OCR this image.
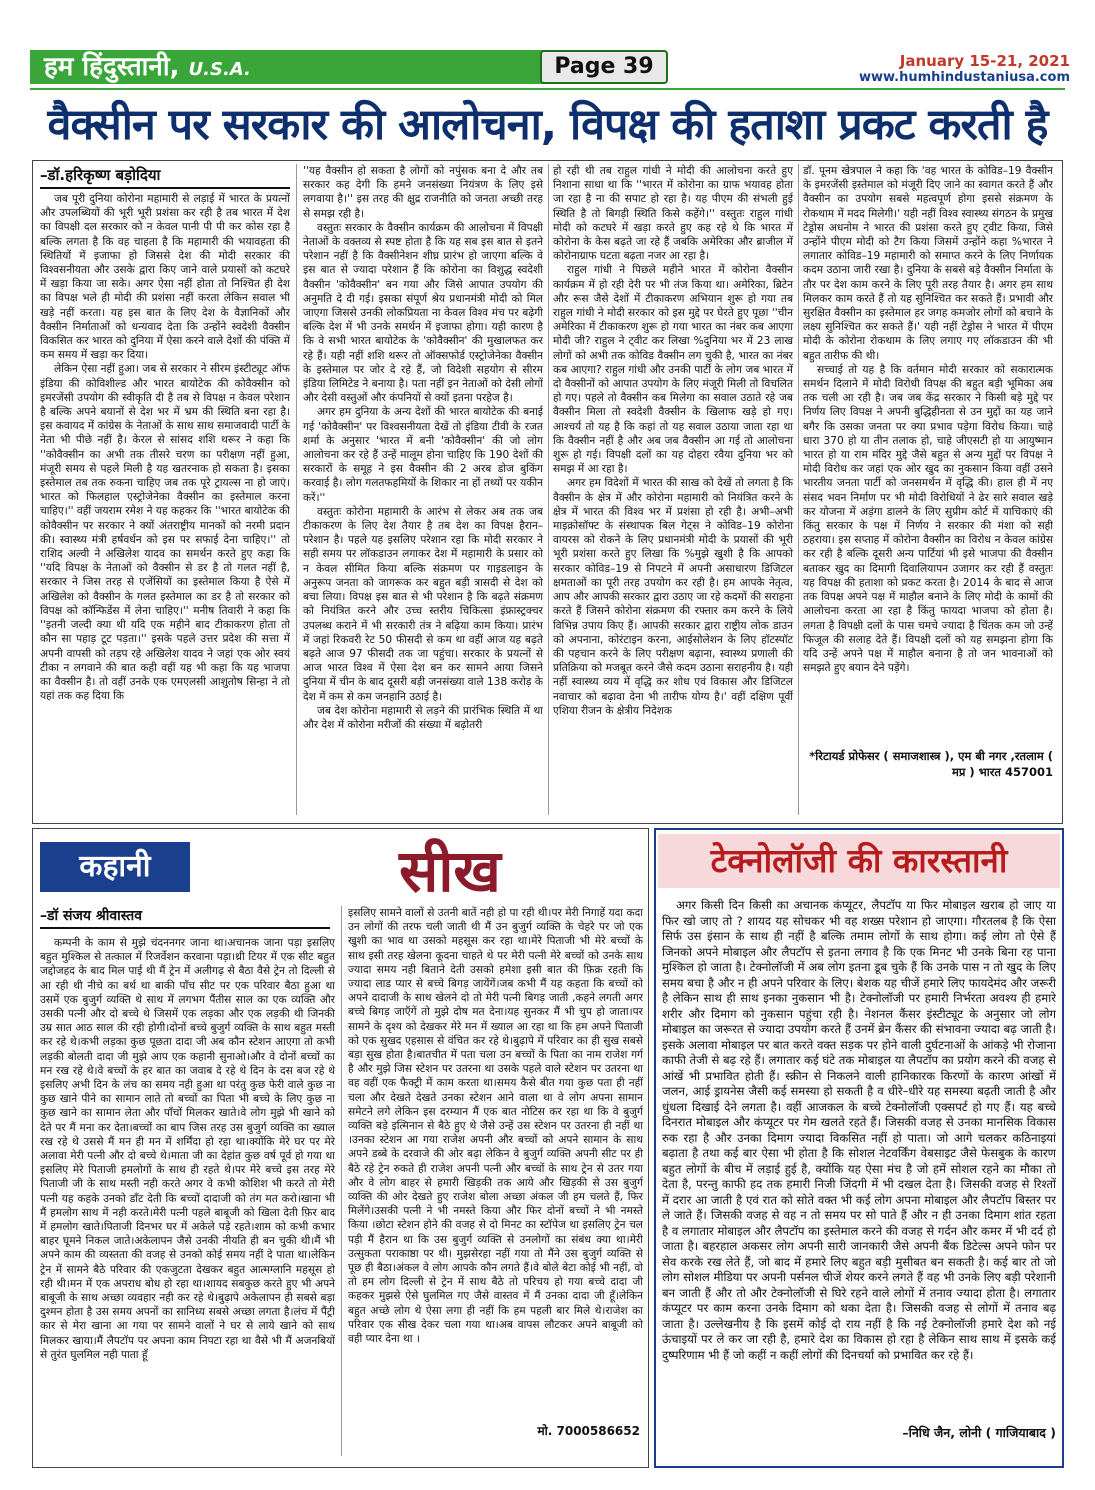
हम हिंदुस्तानी, U.S.A.	Page 39	January 15-21, 2021
www.humhindustaniusa.com
वैक्सीन पर सरकार की आलोचना, विपक्ष की हताशा प्रकट करती है
–डॉ.हरिकृष्ण बड़ोदिया

जब पूरी दुनिया कोरोना महामारी से लड़ाई में भारत के प्रयत्नों और उपलब्धियों की भूरी भूरी प्रशंसा कर रही है तब भारत में देश का विपक्षी दल सरकार को न केवल पानी पी पी कर कोस रहा है बल्कि लगता है कि वह चाहता है कि महामारी की भयावहता की स्थितियों में इजाफा हो जिससे देश की मोदी सरकार की विश्वसनीयता और उसके द्वारा किए जाने वाले प्रयासों को कटघरे में खड़ा किया जा सके। अगर ऐसा नहीं होता तो निश्चित ही देश का विपक्ष भले ही मोदी की प्रशंसा नहीं करता लेकिन सवाल भी खड़े नहीं करता। यह इस बात के लिए देश के वैज्ञानिकों और वैक्सीन निर्माताओं को धन्यवाद देता कि उन्होंने स्वदेशी वैक्सीन विकसित कर भारत को दुनिया में ऐसा करने वाले देशों की पंक्ति में कम समय में खड़ा कर दिया।

लेकिन ऐसा नहीं हुआ। जब से सरकार ने सीरम इंस्टीट्यूट ऑफ इंडिया की कोविशील्ड और भारत बायोटेक की कोवैक्सीन को इमरजेंसी उपयोग की स्वीकृति दी है तब से विपक्ष न केवल परेशान है बल्कि अपने बयानों से देश भर में भ्रम की स्थिति बना रहा है। इस कवायद में कांग्रेस के नेताओं के साथ साथ समाजवादी पार्टी के नेता भी पीछे नहीं है। केरल से सांसद शशि थरूर ने कहा कि ''कोवैक्सीन का अभी तक तीसरे चरण का परीक्षण नहीं हुआ, मंजूरी समय से पहले मिली है यह खतरनाक हो सकता है। इसका इस्तेमाल तब तक रुकना चाहिए जब तक पूरे ट्रायल्स ना हो जाएं। भारत को फिलहाल एस्ट्रोजेनेका वैक्सीन का इस्तेमाल करना चाहिए।'' वहीं जयराम रमेश ने यह कहकर कि ''भारत बायोटेक की कोवैक्सीन पर सरकार ने क्यों अंतराष्ट्रीय मानकों को नरमी प्रदान की। स्वास्थ्य मंत्री हर्षवर्धन को इस पर सफाई देना चाहिए।'' तो राशिद अल्वी ने अखिलेश यादव का समर्थन करते हुए कहा कि ''यदि विपक्ष के नेताओं को वैक्सीन से डर है तो गलत नहीं है, सरकार ने जिस तरह से एजेंसियों का इस्तेमाल किया है ऐसे में अखिलेश को वैक्सीन के गलत इस्तेमाल का डर है तो सरकार को विपक्ष को कॉन्फिडेंस में लेना चाहिए।'' मनीष तिवारी ने कहा कि ''इतनी जल्दी क्या थी यदि एक महीने बाद टीकाकरण होता तो कौन सा पहाड़ टूट पड़ता।'' इसके पहले उत्तर प्रदेश की सत्ता में अपनी वापसी को तड़प रहे अखिलेश यादव ने जहां एक ओर स्वयं टीका न लगवाने की बात कही वहीं यह भी कहा कि यह भाजपा का वैक्सीन है। तो वहीं उनके एक एमएलसी आशुतोष सिन्हा ने तो यहां तक कह दिया कि

''यह वैक्सीन हो सकता है लोगों को नपुंसक बना दे और तब सरकार कह देगी कि हमने जनसंख्या नियंत्रण के लिए इसे लगवाया है।'' इस तरह की क्षुद्र राजनीति को जनता अच्छी तरह से समझ रही है।

वस्तुतः सरकार के वैक्सीन कार्यक्रम की आलोचना में विपक्षी नेताओं के वक्तव्य से स्पष्ट होता है कि यह सब इस बात से इतने परेशान नहीं है कि वैक्सीनेशन शीघ्र प्रारंभ हो जाएगा बल्कि वे इस बात से ज्यादा परेशान हैं कि कोरोना का विशुद्ध स्वदेशी वैक्सीन 'कोवैक्सीन' बन गया और जिसे आपात उपयोग की अनुमति दे दी गई। इसका संपूर्ण श्रेय प्रधानमंत्री मोदी को मिल जाएगा जिससे उनकी लोकप्रियता ना केवल विश्व मंच पर बढ़ेगी बल्कि देश में भी उनके समर्थन में इजाफा होगा। यही कारण है कि वे सभी भारत बायोटेक के 'कोवैक्सीन' की मुखालफत कर रहे हैं। यही नहीं शशि थरूर तो ऑक्सफोर्ड एस्ट्रोजेनेका वैक्सीन के इस्तेमाल पर जोर दे रहे हैं, जो विदेशी सहयोग से सीरम इंडिया लिमिटेड ने बनाया है। पता नहीं इन नेताओं को देसी लोगों और देसी वस्तुओं और कंपनियों से क्यों इतना परहेज है।

अगर हम दुनिया के अन्य देशों की भारत बायोटेक की बनाई गई 'कोवैक्सीन' पर विश्वसनीयता देखें तो इंडिया टीवी के रजत शर्मा के अनुसार 'भारत में बनी 'कोवैक्सीन' की जो लोग आलोचना कर रहे हैं उन्हें मालूम होना चाहिए कि 190 देशों की सरकारों के समूह ने इस वैक्सीन की 2 अरब डोज बुकिंग करवाई है। लोग गलतफहमियों के शिकार ना हों तथ्यों पर यकीन करें।''

वस्तुतः कोरोना महामारी के आरंभ से लेकर अब तक जब टीकाकरण के लिए देश तैयार है तब देश का विपक्ष हैरान–परेशान है। पहले यह इसलिए परेशान रहा कि मोदी सरकार ने सही समय पर लॉकडाउन लगाकर देश में महामारी के प्रसार को न केवल सीमित किया बल्कि संक्रमण पर गाइडलाइन के अनुरूप जनता को जागरूक कर बहुत बड़ी त्रासदी से देश को बचा लिया। विपक्ष इस बात से भी परेशान है कि बढ़ते संक्रमण को नियंत्रित करने और उच्च स्तरीय चिकित्सा इंफ्रास्ट्रक्चर उपलब्ध कराने में भी सरकारी तंत्र ने बढ़िया काम किया। प्रारंभ में जहां रिकवरी रेट 50 फीसदी से कम था वहीं आज यह बढ़ते बढ़ते आज 97 फीसदी तक जा पहुंचा। सरकार के प्रयत्नों से आज भारत विश्व में ऐसा देश बन कर सामने आया जिसने दुनिया में चीन के बाद दूसरी बड़ी जनसंख्या वाले 138 करोड़ के देश में कम से कम जनहानि उठाई है।

जब देश कोरोना महामारी से लड़ने की प्रारंभिक स्थिति में था और देश में कोरोना मरीजों की संख्या में बढ़ोतरी

हो रही थी तब राहुल गांधी ने मोदी की आलोचना करते हुए निशाना साधा था कि ''भारत में कोरोना का ग्राफ भयावह होता जा रहा है ना की सपाट हो रहा है। यह पीएम की संभली हुई स्थिति है तो बिगड़ी स्थिति किसे कहेंगे।'' वस्तुतः राहुल गांधी मोदी को कटघरे में खड़ा करते हुए कह रहे थे कि भारत में कोरोना के केस बढ़ते जा रहे हैं जबकि अमेरिका और ब्राजील में कोरोनाग्राफ घटता बढ़ता नजर आ रहा है।

राहुल गांधी ने पिछले महीने भारत में कोरोना वैक्सीन कार्यक्रम में हो रही देरी पर भी तंज किया था। अमेरिका, ब्रिटेन और रूस जैसे देशों में टीकाकरण अभियान शुरू हो गया तब राहुल गांधी ने मोदी सरकार को इस मुद्दे पर घेरते हुए पूछा ''चीन अमेरिका में टीकाकरण शुरू हो गया भारत का नंबर कब आएगा मोदी जी? राहुल ने ट्वीट कर लिखा %दुनिया भर में 23 लाख लोगों को अभी तक कोविड वैक्सीन लग चुकी है, भारत का नंबर कब आएगा? राहुल गांधी और उनकी पार्टी के लोग जब भारत में दो वैक्सीनों को आपात उपयोग के लिए मंजूरी मिली तो विचलित हो गए। पहले तो वैक्सीन कब मिलेगा का सवाल उठाते रहे जब वैक्सीन मिला तो स्वदेशी वैक्सीन के खिलाफ खड़े हो गए। आश्चर्य तो यह है कि कहां तो यह सवाल उठाया जाता रहा था कि वैक्सीन नहीं है और अब जब वैक्सीन आ गई तो आलोचना शुरू हो गई। विपक्षी दलों का यह दोहरा रवैया दुनिया भर को समझ में आ रहा है।

अगर हम विदेशों में भारत की साख को देखें तो लगता है कि वैक्सीन के क्षेत्र में और कोरोना महामारी को नियंत्रित करने के क्षेत्र में भारत की विश्व भर में प्रशंसा हो रही है। अभी–अभी माइक्रोसॉफ्ट के संस्थापक बिल गेट्स ने कोविड–19 कोरोना वायरस को रोकने के लिए प्रधानमंत्री मोदी के प्रयासों की भूरी भूरी प्रशंसा करते हुए लिखा कि %मुझे खुशी है कि आपको सरकार कोविड–19 से निपटने में अपनी असाधारण डिजिटल क्षमताओं का पूरी तरह उपयोग कर रही है। हम आपके नेतृत्व, आप और आपकी सरकार द्वारा उठाए जा रहे कदमों की सराहना करते हैं जिसने कोरोना संक्रमण की रफ्तार कम करने के लिये विभिन्न उपाय किए हैं। आपकी सरकार द्वारा राष्ट्रीय लोक डाउन को अपनाना, कोरंटाइन करना, आईसोलेशन के लिए हॉटस्पॉट की पहचान करने के लिए परीक्षण बढ़ाना, स्वास्थ्य प्रणाली की प्रतिक्रिया को मजबूत करने जैसे कदम उठाना सराहनीय है। यही नहीं स्वास्थ्य व्यय में वृद्धि कर शोध एवं विकास और डिजिटल नवाचार को बढ़ावा देना भी तारीफ योग्य है।' वहीं दक्षिण पूर्वी एशिया रीजन के क्षेत्रीय निदेशक

डॉ. पूनम खेत्रपाल ने कहा कि 'वह भारत के कोविड–19 वैक्सीन के इमरजेंसी इस्तेमाल को मंजूरी दिए जाने का स्वागत करते हैं और वैक्सीन का उपयोग सबसे महत्वपूर्ण होगा इससे संक्रमण के रोकथाम में मदद मिलेगी।' यही नहीं विश्व स्वास्थ्य संगठन के प्रमुख टेड्रोस अधनोम ने भारत की प्रशंसा करते हुए ट्वीट किया, जिसे उन्होंने पीएम मोदी को टैग किया जिसमें उन्होंने कहा %भारत ने लगातार कोविड–19 महामारी को समाप्त करने के लिए निर्णायक कदम उठाना जारी रखा है। दुनिया के सबसे बड़े वैक्सीन निर्माता के तौर पर देश काम करने के लिए पूरी तरह तैयार है। अगर हम साथ मिलकर काम करते हैं तो यह सुनिश्चित कर सकते हैं। प्रभावी और सुरक्षित वैक्सीन का इस्तेमाल हर जगह कमजोर लोगों को बचाने के लक्ष्य सुनिश्चित कर सकते हैं।' यही नहीं टेड्रोस ने भारत में पीएम मोदी के कोरोना रोकथाम के लिए लगाए गए लॉकडाउन की भी बहुत तारीफ की थी।

सच्चाई तो यह है कि वर्तमान मोदी सरकार को सकारात्मक समर्थन दिलाने में मोदी विरोधी विपक्ष की बहुत बड़ी भूमिका अब तक चली आ रही है। जब जब केंद्र सरकार ने किसी बड़े मुद्दे पर निर्णय लिए विपक्ष ने अपनी बुद्धिहीनता से उन मुद्दों का यह जाने बगैर कि उसका जनता पर क्या प्रभाव पड़ेगा विरोध किया। चाहे धारा 370 हो या तीन तलाक हो, चाहे जीएसटी हो या आयुष्मान भारत हो या राम मंदिर मुद्दे जैसे बहुत से अन्य मुद्दों पर विपक्ष ने मोदी विरोध कर जहां एक ओर खुद का नुकसान किया वहीं उसने भारतीय जनता पार्टी को जनसमर्थन में वृद्धि की। हाल ही में नए संसद भवन निर्माण पर भी मोदी विरोधियों ने ढेर सारे सवाल खड़े कर योजना में अड़ंगा डालने के लिए सुप्रीम कोर्ट में याचिकाएं की किंतु सरकार के पक्ष में निर्णय ने सरकार की मंशा को सही ठहराया। इस सप्ताह में कोरोना वैक्सीन का विरोध न केवल कांग्रेस कर रही है बल्कि दूसरी अन्य पार्टियां भी इसे भाजपा की वैक्सीन बताकर खुद का दिमागी दिवालियापन उजागर कर रही हैं वस्तुतः यह विपक्ष की हताशा को प्रकट करता है। 2014 के बाद से आज तक विपक्ष अपने पक्ष में माहौल बनाने के लिए मोदी के कामों की आलोचना करता आ रहा है किंतु फायदा भाजपा को होता है। लगता है विपक्षी दलों के पास चमचे ज्यादा है चिंतक कम जो उन्हें फिजूल की सलाह देते हैं। विपक्षी दलों को यह समझना होगा कि यदि उन्हें अपने पक्ष में माहौल बनाना है तो जन भावनाओं को समझते हुए बयान देने पड़ेंगे।

*रिटायर्ड प्रोफेसर ( समाजशास्त्र ), एम बी नगर ,रतलाम ( मप्र ) भारत 457001
कहानी	सीख
–डॉ संजय श्रीवास्तव

कम्पनी के काम से मुझे चंदननगर जाना था।अचानक जाना पड़ा इसलिए बहुत मुश्किल से तत्काल में रिजर्वेशन करवाना पड़ा।थ्री टियर में एक सीट बहुत जद्दोजहद के बाद मिल पाई थी मैं ट्रेन में अलीगढ़ से बैठा वैसे ट्रेन तो दिल्ली से आ रही थी नीचे का बर्थ था बाकी पाँच सीट पर एक परिवार बैठा हुआ था उसमें एक बुजुर्ग व्यक्ति थे साथ में लगभग पैंतीस साल का एक व्यक्ति और उसकी पत्नी और दो बच्चे थे जिसमें एक लड़का और एक लड़की थी जिनकी उम्र सात आठ साल की रही होगी।दोनों बच्चे बुजुर्ग व्यक्ति के साथ बहुत मस्ती कर रहे थे।कभी लड़का कुछ पूछता दादा जी अब कौन स्टेशन आएगा तो कभी लड़की बोलती दादा जी मुझे आप एक कहानी सुनाओ।और वे दोनों बच्चों का मन रख रहे थे।वे बच्चों के हर बात का जवाब दे रहे थे दिन के दस बज रहे थे इसलिए अभी दिन के लंच का समय नही हुआ था परंतु कुछ फेरी वाले कुछ ना कुछ खाने पीने का सामान लाते तो बच्चों का पिता भी बच्चे के लिए कुछ ना कुछ खाने का सामान लेता और पाँचों मिलकर खाते।वे लोग मुझे भी खाने को देते पर मैं मना कर देता।बच्चों का बाप जिस तरह उस बुजुर्ग व्यक्ति का ख्याल रख रहे थे उससे मैं मन ही मन में शर्मिंदा हो रहा था।क्योंकि मेरे घर पर मेरे अलावा मेरी पत्नी और दो बच्चे थे।माता जी का देहांत कुछ वर्ष पूर्व हो गया था इसलिए मेरे पिताजी हमलोगों के साथ ही रहते थे।पर मेरे बच्चे इस तरह मेरे पिताजी जी के साथ मस्ती नही करते अगर वे कभी कोशिश भी करते तो मेरी पत्नी यह कहके उनको डाँट देती कि बच्चों दादाजी को तंग मत करो।खाना भी मैं हमलोग साथ में नही करते।मेरी पत्नी पहले बाबूजी को खिला देती फ़िर बाद में हमलोग खाते।पिताजी दिनभर घर में अकेले पड़े रहते।शाम को कभी कभार बाहर घूमने निकल जाते।अकेलापन जैसे उनकी नीयति ही बन चुकी थी।मैं भी अपने काम की व्यस्तता की वजह से उनको कोई समय नहीं दे पाता था।लेकिन ट्रेन में सामने बैठे परिवार की एकजुटता देखकर बहुत आत्मग्लानि महसूस हो रही थी।मन में एक अपराध बोध हो रहा था।शायद सबकुछ करते हुए भी अपने बाबूजी के साथ अच्छा व्यवहार नही कर रहे थे।बुढ़ापे अकेलापन ही सबसे बड़ा दुश्मन होता है उस समय अपनों का सानिध्य सबसे अच्छा लगता है।लंच में पैंट्री कार से मेरा खाना आ गया पर सामने वालों ने घर से लाये खाने को साथ मिलकर खाया।मैं लैपटॉप पर अपना काम निपटा रहा था वैसे भी मैं अजनबियों से तुरंत घुलमिल नही पाता हूँ

इसलिए सामने वालों से उतनी बातें नही हो पा रही थी।पर मेरी निगाहें यदा कदा उन लोगों की तरफ चली जाती थी मैं उन बुजुर्ग व्यक्ति के चेहरे पर जो एक खुशी का भाव था उसको महसूस कर रहा था।मेरे पिताजी भी मेरे बच्चों के साथ इसी तरह खेलना कूदना चाहते थे पर मेरी पत्नी मेरे बच्चों को उनके साथ ज्यादा समय नही बिताने देती उसको हमेशा इसी बात की फ़िक्र रहती कि ज्यादा लाड प्यार से बच्चे बिगड़ जायेंगें।जब कभी मैं यह कहता कि बच्चों को अपने दादाजी के साथ खेलने दो तो मेरी पत्नी बिगड़ जाती ,कहने लगती अगर बच्चे बिगड़ जाएँगें तो मुझे दोष मत देना।यह सुनकर मैं भी चुप हो जाता।पर सामने के दृश्य को देखकर मेरे मन में ख्याल आ रहा था कि हम अपने पिताजी को एक सुखद एहसास से वंचित कर रहे थे।बुढ़ापे में परिवार का ही सुख सबसे बड़ा सुख होता है।बातचीत में पता चला उन बच्चों के पिता का नाम राजेश गर्ग है और मुझे जिस स्टेशन पर उतरना था उसके पहले वाले स्टेशन पर उतरना था वह वहीं एक फैक्ट्री में काम करता था।समय कैसे बीत गया कुछ पता ही नहीं चला और देखते देखते उनका स्टेशन आने वाला था वे लोग अपना सामान समेटने लगे लेकिन इस दरम्यान मैं एक बात नोटिस कर रहा था कि वे बुजुर्ग व्यक्ति बड़े इत्मिनान से बैठे हुए थे जैसे उन्हें उस स्टेशन पर उतरना ही नहीं था ।उनका स्टेशन आ गया राजेश अपनी और बच्चों को अपने सामान के साथ अपने डब्बे के दरवाजे की ओर बढ़ा लेकिन वे बुजुर्ग व्यक्ति अपनी सीट पर ही बैठे रहे ट्रेन रुकते ही राजेश अपनी पत्नी और बच्चों के साथ ट्रेन से उतर गया और वे लोग बाहर से हमारी खिड़की तक आये और खिड़की से उस बुजुर्ग व्यक्ति की ओर देखते हुए राजेश बोला अच्छा अंकल जी हम चलते हैं, फिर मिलेंगे।उसकी पत्नी ने भी नमस्ते किया और फिर दोनों बच्चों ने भी नमस्ते किया ।छोटा स्टेशन होने की वजह से दो मिनट का स्टॉपेज था इसलिए ट्रेन चल पड़ी मैं हैरान था कि उस बुजुर्ग व्यक्ति से उनलोगों का संबंध क्या था।मेरी उत्सुकता पराकाष्ठा पर थी। मुझसेरहा नहीं गया तो मैंने उस बुजुर्ग व्यक्ति से पूछ ही बैठा।अंकल वे लोग आपके कौन लगते हैं।वे बोले बेटा कोई भी नहीं, वो तो हम लोग दिल्ली से ट्रेन में साथ बैठे तो परिचय हो गया बच्चे दादा जी कहकर मुझसे ऐसे घुलमिल गए जैसे वास्तव में मैं उनका दादा जी हूँ।लेकिन बहुत अच्छे लोग थे ऐसा लगा ही नहीं कि हम पहली बार मिले थे।राजेश का परिवार एक सीख देकर चला गया था।अब वापस लौटकर अपने बाबूजी को वही प्यार देना था ।

मो. 7000586652
टेक्नोलॉजी की कारस्तानी

अगर किसी दिन किसी का अचानक कंप्यूटर, लैपटॉप या फिर मोबाइल खराब हो जाए या फिर खो जाए तो ? शायद यह सोचकर भी वह शख्स परेशान हो जाएगा। गौरतलब है कि ऐसा सिर्फ उस इंसान के साथ ही नहीं है बल्कि तमाम लोगों के साथ होगा। कई लोग तो ऐसे हैं जिनको अपने मोबाइल और लैपटॉप से इतना लगाव है कि एक मिनट भी उनके बिना रह पाना मुश्किल हो जाता है। टेक्नोलॉजी में अब लोग इतना डूब चुके हैं कि उनके पास न तो खुद के लिए समय बचा है और न ही अपने परिवार के लिए। बेशक यह चीजें हमारे लिए फायदेमंद और जरूरी है लेकिन साथ ही साथ इनका नुकसान भी है। टेक्नोलॉजी पर हमारी निर्भरता अवश्य ही हमारे शरीर और दिमाग को नुकसान पहुंचा रही है। नेशनल कैंसर इंस्टीट्यूट के अनुसार जो लोग मोबाइल का जरूरत से ज्यादा उपयोग करते हैं उनमें ब्रेन कैंसर की संभावना ज्यादा बढ़ जाती है। इसके अलावा मोबाइल पर बात करते वक्त सड़क पर होने वाली दुर्घटनाओं के आंकड़े भी रोजाना काफी तेजी से बढ़ रहे हैं। लगातार कई घंटे तक मोबाइल या लैपटॉप का प्रयोग करने की वजह से आंखें भी प्रभावित होती हैं। स्क्रीन से निकलने वाली हानिकारक किरणों के कारण आंखों में जलन, आई ड्रायनेस जैसी कई समस्या हो सकती है व धीरे–धीरे यह समस्या बढ़ती जाती है और धुंधला दिखाई देने लगता है। वहीं आजकल के बच्चे टेक्नोलॉजी एक्सपर्ट हो गए हैं। यह बच्चे दिनरात मोबाइल और कंप्यूटर पर गेम खलते रहते हैं। जिसकी वजह से उनका मानसिक विकास रुक रहा है और उनका दिमाग ज्यादा विकसित नहीं हो पाता। जो आगे चलकर कठिनाइयां बढ़ाता है तथा कई बार ऐसा भी होता है कि सोशल नेटवर्किंग वेबसाइट जैसे फेसबुक के कारण बहुत लोगों के बीच में लड़ाई हुई है, क्योंकि यह ऐसा मंच है जो हमें सोशल रहने का मौका तो देता है, परन्तु काफी हद तक हमारी निजी जिंदगी में भी दखल देता है। जिसकी वजह से रिश्तों में दरार आ जाती है एवं रात को सोते वक्त भी कई लोग अपना मोबाइल और लैपटॉप बिस्तर पर ले जाते हैं। जिसकी वजह से वह न तो समय पर सो पाते हैं और न ही उनका दिमाग शांत रहता है व लगातार मोबाइल और लैपटॉप का इस्तेमाल करने की वजह से गर्दन और कमर में भी दर्द हो जाता है। बहरहाल अकसर लोग अपनी सारी जानकारी जैसे अपनी बैंक डिटेल्स अपने फोन पर सेव करके रख लेते हैं, जो बाद में हमारे लिए बहुत बड़ी मुसीबत बन सकती है। कई बार तो जो लोग सोशल मीडिया पर अपनी पर्सनल चीजें शेयर करने लगते हैं वह भी उनके लिए बड़ी परेशानी बन जाती हैं और तो और टेक्नोलॉजी से घिरे रहने वाले लोगों में तनाव ज्यादा होता है। लगातार कंप्यूटर पर काम करना उनके दिमाग को थका देता है। जिसकी वजह से लोगों में तनाव बढ़ जाता है। उल्लेखनीय है कि इसमें कोई दो राय नहीं है कि नई टेक्नोलॉजी हमारे देश को नई ऊंचाइयों पर ले कर जा रही है, हमारे देश का विकास हो रहा है लेकिन साथ साथ में इसके कई दुष्परिणाम भी हैं जो कहीं न कहीं लोगों की दिनचर्या को प्रभावित कर रहे हैं।

–निधि जैन, लोनी ( गाजियाबाद )
